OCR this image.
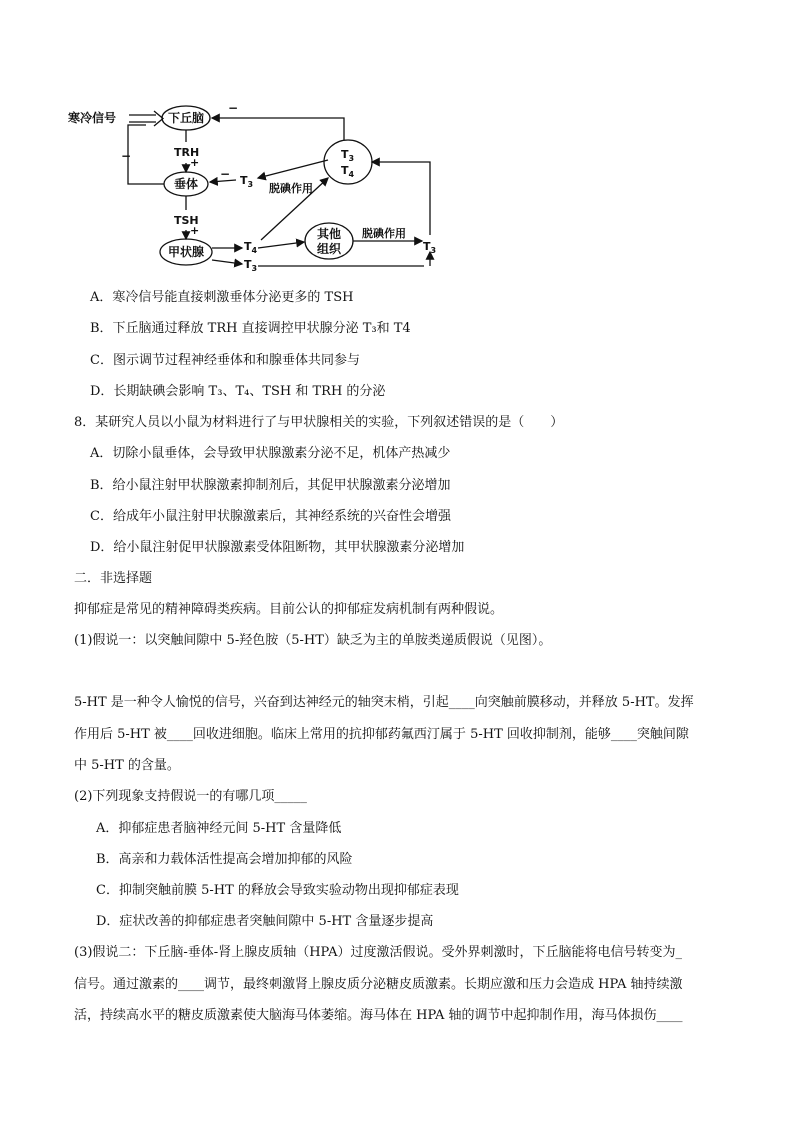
寒冷信号	下丘脑
垂体
甲状腺
其他
组织
TRH
+
TSH
+
−
−
− $T_3$
$T_3$
$T_4$
脱碘作用
$T_4$
$T_3$
脱碘作用
$T_3$
A．寒冷信号能直接刺激垂体分泌更多的 TSH
B．下丘脑通过释放 TRH 直接调控甲状腺分泌 T₃和 T4
C．图示调节过程神经垂体和和腺垂体共同参与
D．长期缺碘会影响 T₃、T₄、TSH 和 TRH 的分泌
8．某研究人员以小鼠为材料进行了与甲状腺相关的实验，下列叙述错误的是（　　）
A．切除小鼠垂体，会导致甲状腺激素分泌不足，机体产热减少
B．给小鼠注射甲状腺激素抑制剂后，其促甲状腺激素分泌增加
C．给成年小鼠注射甲状腺激素后，其神经系统的兴奋性会增强
D．给小鼠注射促甲状腺激素受体阻断物，其甲状腺激素分泌增加
二．非选择题
抑郁症是常见的精神障碍类疾病。目前公认的抑郁症发病机制有两种假说。
(1)假说一：以突触间隙中 5-羟色胺（5-HT）缺乏为主的单胺类递质假说（见图）。
5-HT 是一种令人愉悦的信号，兴奋到达神经元的轴突末梢，引起____向突触前膜移动，并释放 5-HT。发挥
作用后 5-HT 被____回收进细胞。临床上常用的抗抑郁药氟西汀属于 5-HT 回收抑制剂，能够____突触间隙
中 5-HT 的含量。
(2)下列现象支持假说一的有哪几项_____
A．抑郁症患者脑神经元间 5-HT 含量降低
B．高亲和力载体活性提高会增加抑郁的风险
C．抑制突触前膜 5-HT 的释放会导致实验动物出现抑郁症表现
D．症状改善的抑郁症患者突触间隙中 5-HT 含量逐步提高
(3)假说二：下丘脑-垂体-肾上腺皮质轴（HPA）过度激活假说。受外界刺激时，下丘脑能将电信号转变为_
信号。通过激素的____调节，最终刺激肾上腺皮质分泌糖皮质激素。长期应激和压力会造成 HPA 轴持续激
活，持续高水平的糖皮质激素使大脑海马体萎缩。海马体在 HPA 轴的调节中起抑制作用，海马体损伤____
